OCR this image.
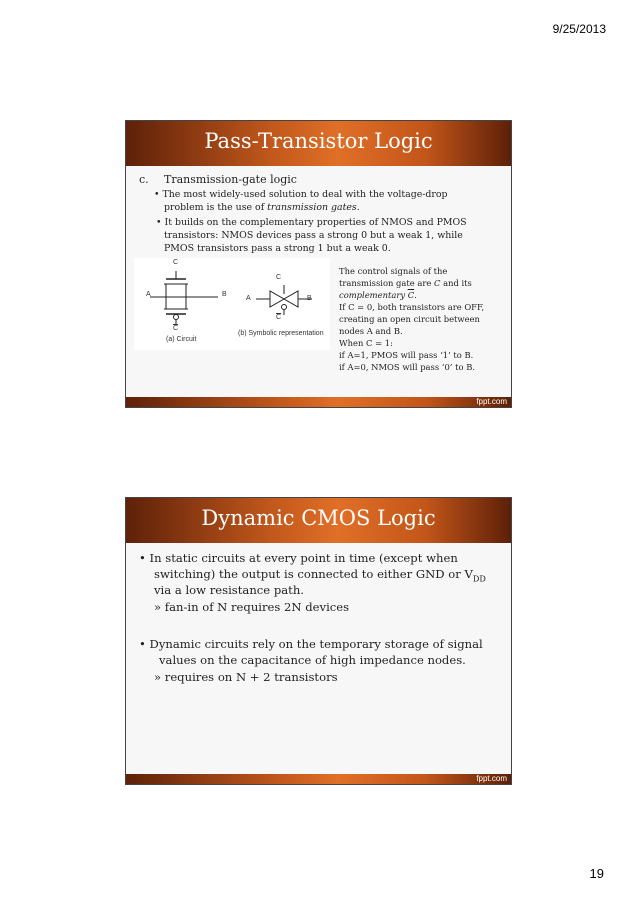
9/25/2013
Pass-Transistor Logic
c. Transmission-gate logic
• The most widely-used solution to deal with the voltage-drop
problem is the use of transmission gates.
• It builds on the complementary properties of NMOS and PMOS
transistors: NMOS devices pass a strong 0 but a weak 1, while
PMOS transistors pass a strong 1 but a weak 0.
C
A	B
$\overline{C}$
(a) Circuit
C
A	B
$\overline{C}$
(b) Symbolic representation
The control signals of the
transmission gate are C and its
complementary $\overline{C}$.
If C = 0, both transistors are OFF,
creating an open circuit between
nodes A and B.
When C = 1:
if A=1, PMOS will pass ‘1’ to B.
if A=0, NMOS will pass ‘0’ to B.
fppt.com
Dynamic CMOS Logic
• In static circuits at every point in time (except when
switching) the output is connected to either GND or $V_{DD}$
via a low resistance path.
» fan-in of N requires 2N devices
• Dynamic circuits rely on the temporary storage of signal
values on the capacitance of high impedance nodes.
» requires on N + 2 transistors
fppt.com
19
